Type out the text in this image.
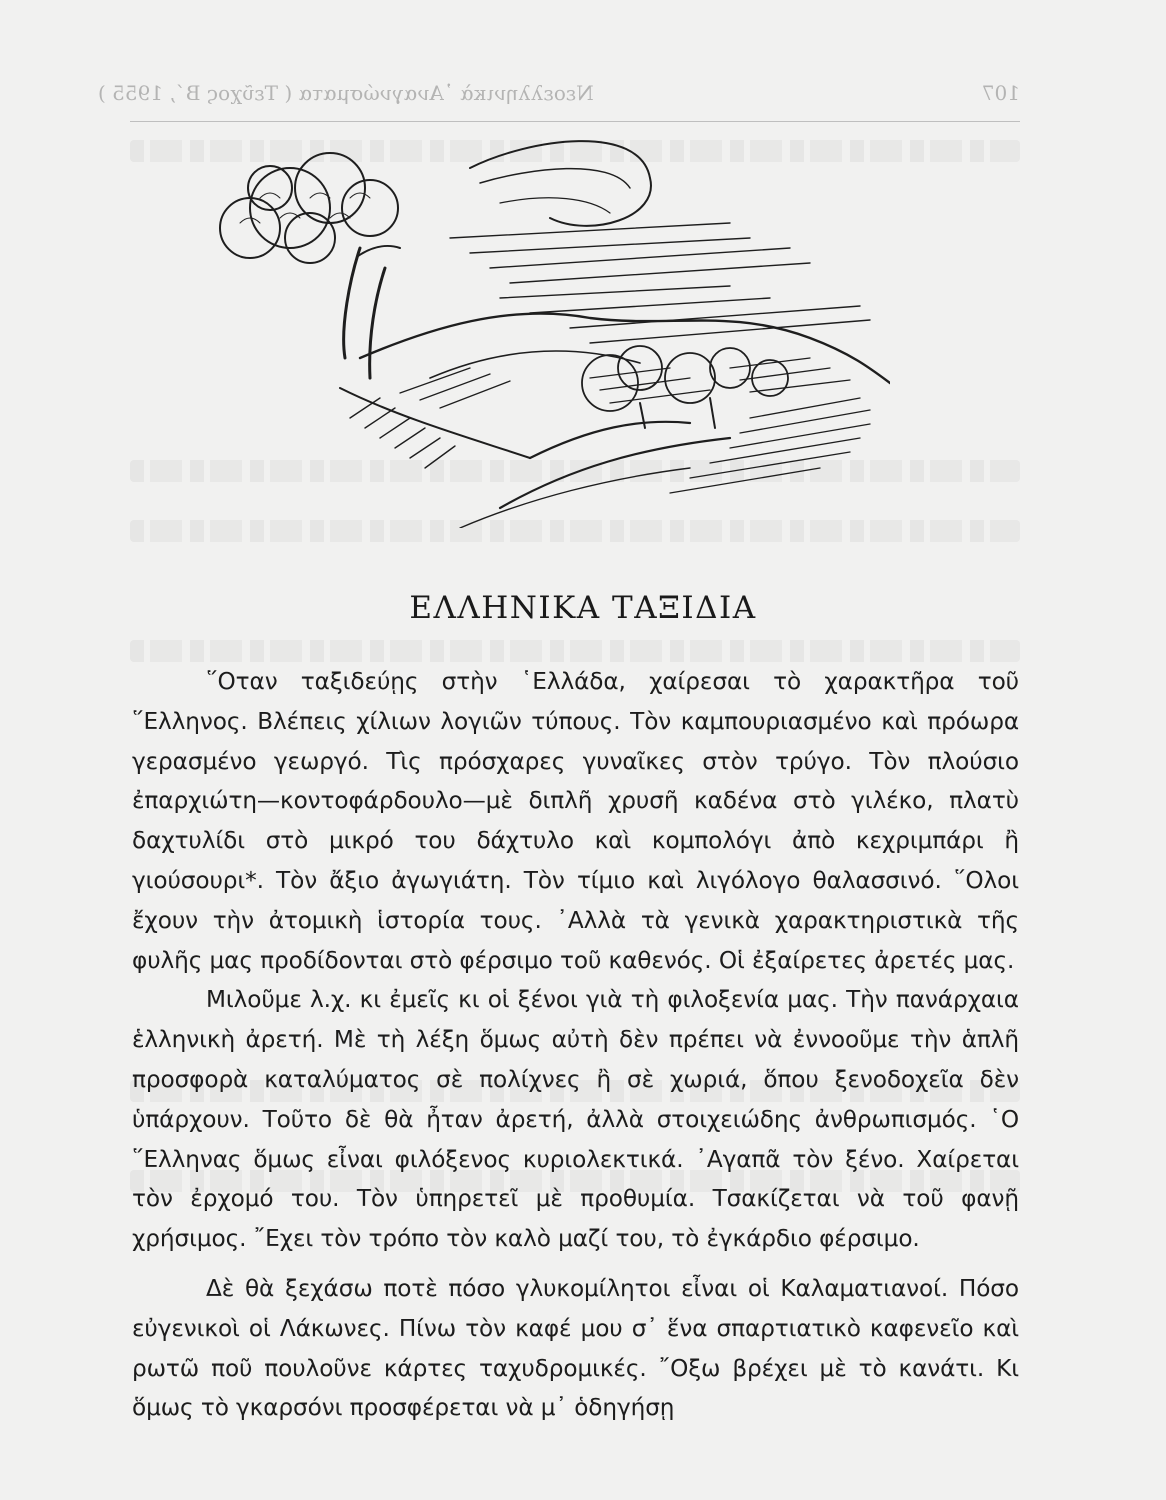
107
Νεοελληνικὰ ᾿Αναγνώσματα ( Τεῦχος Β΄, 1955 )
ΕΛΛΗΝΙΚΑ ΤΑΞΙΔΙΑ

῞Οταν ταξιδεύῃς στὴν ῾Ελλάδα, χαίρεσαι τὸ χαρακτῆρα τοῦ ῞Ελληνος. Βλέπεις χίλιων λογιῶν τύπους. Τὸν καμπουριασμένο καὶ πρόωρα γερασμένο γεωργό. Τὶς πρόσχαρες γυναῖκες στὸν τρύγο. Τὸν πλούσιο ἐπαρχιώτη—κοντοφάρδουλο—μὲ διπλῆ χρυσῆ καδένα στὸ γιλέκο, πλατὺ δαχτυλίδι στὸ μικρό του δάχτυλο καὶ κομπολόγι ἀπὸ κεχριμπάρι ἢ γιούσουρι*. Τὸν ἄξιο ἀγωγιάτη. Τὸν τίμιο καὶ λιγόλογο θαλασσινό. ῞Ολοι ἔχουν τὴν ἀτομικὴ ἱστορία τους. ᾿Αλλὰ τὰ γενικὰ χαρακτηριστικὰ τῆς φυλῆς μας προδίδονται στὸ φέρσιμο τοῦ καθενός. Οἱ ἐξαίρετες ἀρετές μας.

Μιλοῦμε λ.χ. κι ἐμεῖς κι οἱ ξένοι γιὰ τὴ φιλοξενία μας. Τὴν πανάρχαια ἑλληνικὴ ἀρετή. Μὲ τὴ λέξη ὅμως αὐτὴ δὲν πρέπει νὰ ἐννοοῦμε τὴν ἁπλῆ προσφορὰ καταλύματος σὲ πολίχνες ἢ σὲ χωριά, ὅπου ξενοδοχεῖα δὲν ὑπάρχουν. Τοῦτο δὲ θὰ ἦταν ἀρετή, ἀλλὰ στοιχειώδης ἀνθρωπισμός. ῾Ο ῞Ελληνας ὅμως εἶναι φιλόξενος κυριολεκτικά. ᾿Αγαπᾶ τὸν ξένο. Χαίρεται τὸν ἐρχομό του. Τὸν ὑπηρετεῖ μὲ προθυμία. Τσακίζεται νὰ τοῦ φανῇ χρήσιμος. ῎Εχει τὸν τρόπο τὸν καλὸ μαζί του, τὸ ἐγκάρδιο φέρσιμο.

Δὲ θὰ ξεχάσω ποτὲ πόσο γλυκομίλητοι εἶναι οἱ Καλαματιανοί. Πόσο εὐγενικοὶ οἱ Λάκωνες. Πίνω τὸν καφέ μου σ᾿ ἕνα σπαρτιατικὸ καφενεῖο καὶ ρωτῶ ποῦ πουλοῦνε κάρτες ταχυδρομικές. ῎Οξω βρέχει μὲ τὸ κανάτι. Κι ὅμως τὸ γκαρσόνι προσφέρεται νὰ μ᾿ ὁδηγήσῃ
